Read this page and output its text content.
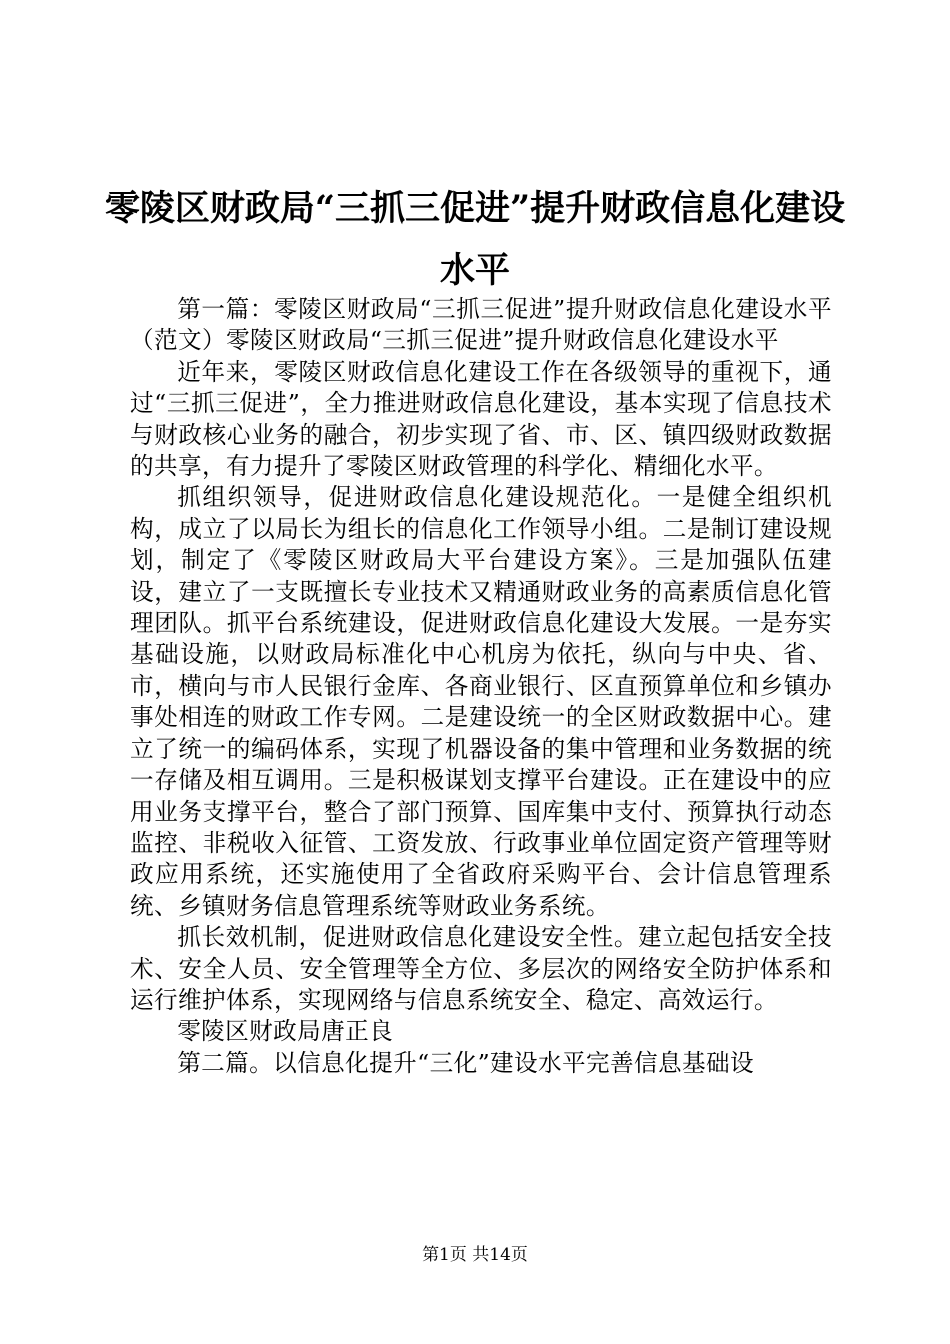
零陵区财政局“三抓三促进”提升财政信息化建设水平

第一篇：零陵区财政局“三抓三促进”提升财政信息化建设水平（范文）零陵区财政局“三抓三促进”提升财政信息化建设水平

近年来，零陵区财政信息化建设工作在各级领导的重视下，通过“三抓三促进”，全力推进财政信息化建设，基本实现了信息技术与财政核心业务的融合，初步实现了省、市、区、镇四级财政数据的共享，有力提升了零陵区财政管理的科学化、精细化水平。

抓组织领导，促进财政信息化建设规范化。一是健全组织机构，成立了以局长为组长的信息化工作领导小组。二是制订建设规划，制定了《零陵区财政局大平台建设方案》。三是加强队伍建设，建立了一支既擅长专业技术又精通财政业务的高素质信息化管理团队。抓平台系统建设，促进财政信息化建设大发展。一是夯实基础设施，以财政局标准化中心机房为依托，纵向与中央、省、市，横向与市人民银行金库、各商业银行、区直预算单位和乡镇办事处相连的财政工作专网。二是建设统一的全区财政数据中心。建立了统一的编码体系，实现了机器设备的集中管理和业务数据的统一存储及相互调用。三是积极谋划支撑平台建设。正在建设中的应用业务支撑平台，整合了部门预算、国库集中支付、预算执行动态监控、非税收入征管、工资发放、行政事业单位固定资产管理等财政应用系统，还实施使用了全省政府采购平台、会计信息管理系统、乡镇财务信息管理系统等财政业务系统。

抓长效机制，促进财政信息化建设安全性。建立起包括安全技术、安全人员、安全管理等全方位、多层次的网络安全防护体系和运行维护体系，实现网络与信息系统安全、稳定、高效运行。

零陵区财政局唐正良

第二篇。以信息化提升“三化”建设水平完善信息基础设

第1页 共14页
